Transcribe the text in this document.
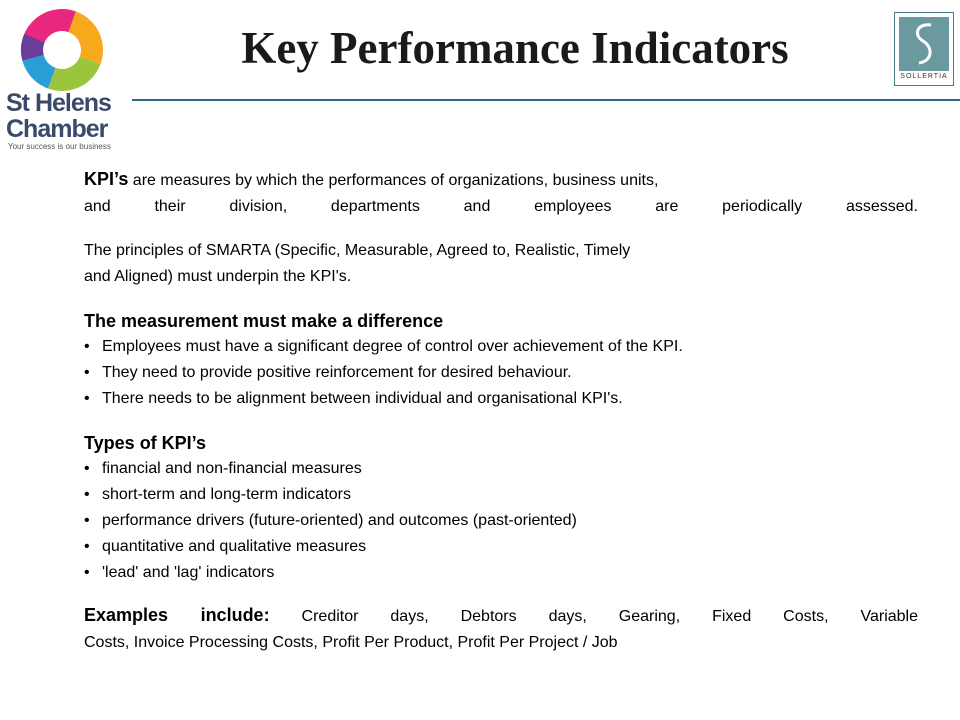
St Helens
Chamber
Your success is our business
Key Performance Indicators
SOLLERTIA

KPI’s are measures by which the performances of organizations, business units,

and their division, departments and employees are periodically assessed.

The principles of SMARTA (Specific, Measurable, Agreed to, Realistic, Timely

and Aligned) must underpin the KPI's.

The measurement must make a difference

• Employees must have a significant degree of control over achievement of the KPI.
• They need to provide positive reinforcement for desired behaviour.
• There needs to be alignment between individual and organisational KPI's.

Types of KPI’s

• financial and non-financial measures
• short-term and long-term indicators
• performance drivers (future-oriented) and outcomes (past-oriented)
• quantitative and qualitative measures
• 'lead' and 'lag' indicators

Examples include: Creditor days, Debtors days, Gearing, Fixed Costs, Variable

Costs, Invoice Processing Costs, Profit Per Product, Profit Per Project / Job
